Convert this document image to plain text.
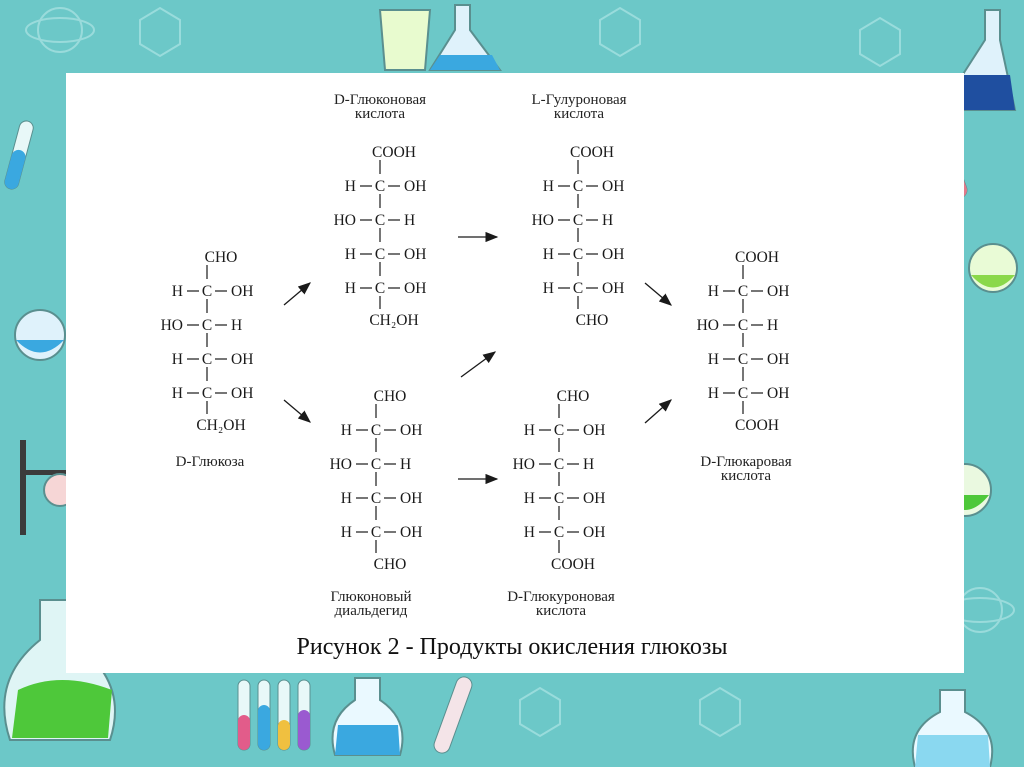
D-Глюконовая
кислота
L-Гулуроновая
кислота
D-Глюкоза	D-Глюкаровая
кислота
Глюконовый
диальдегид
D-Глюкуроновая
кислота
CHO
C
H	OH
C
HO	H
C
H	OH
C
H	OH
CH₂OH
COOH
C
H	OH
C
HO	H
C
H	OH
C
H	OH
CH₂OH
COOH
C
H	OH
C
HO	H
C
H	OH
C
H	OH
CHO
COOH
C
H	OH
C
HO	H
C
H	OH
C
H	OH
COOH
CHO
C
H	OH
C
HO	H
C
H	OH
C
H	OH
CHO
CHO
C
H	OH
C
HO	H
C
H	OH
C
H	OH
COOH
Рисунок 2 - Продукты окисления глюкозы
